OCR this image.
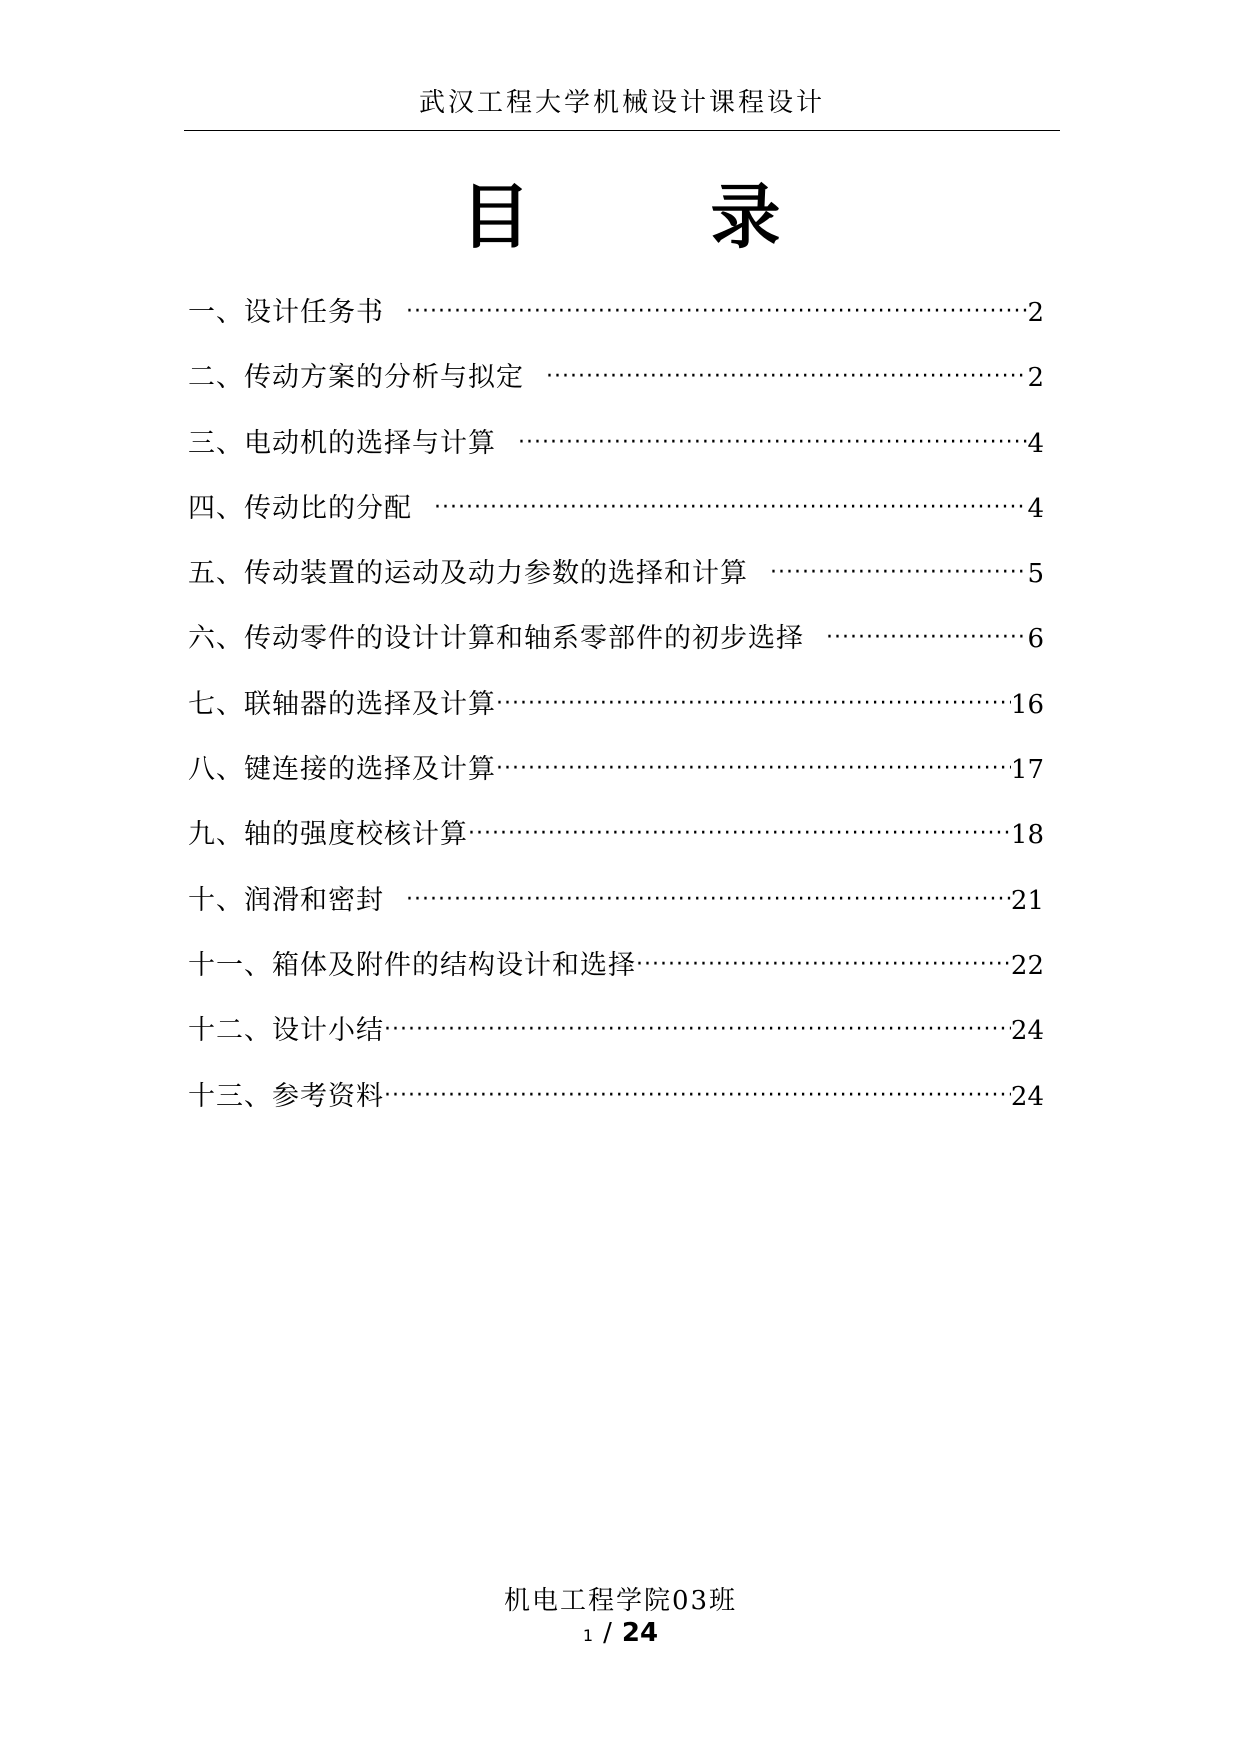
武汉工程大学机械设计课程设计
目	录
一、设计任务书 ·····	2
二、传动方案的分析与拟定 ·····	2
三、电动机的选择与计算 ·····	4
四、传动比的分配 ·····	4
五、传动装置的运动及动力参数的选择和计算 ·····	5
六、传动零件的设计计算和轴系零部件的初步选择 ·····	6
七、联轴器的选择及计算 ·····	16
八、键连接的选择及计算 ·····	17
九、轴的强度校核计算 ·····	18
十、润滑和密封 ·····	21
十一、箱体及附件的结构设计和选择 ·····	22
十二、设计小结 ·····	24
十三、参考资料 ·····	24
机电工程学院03班
1 / 24
